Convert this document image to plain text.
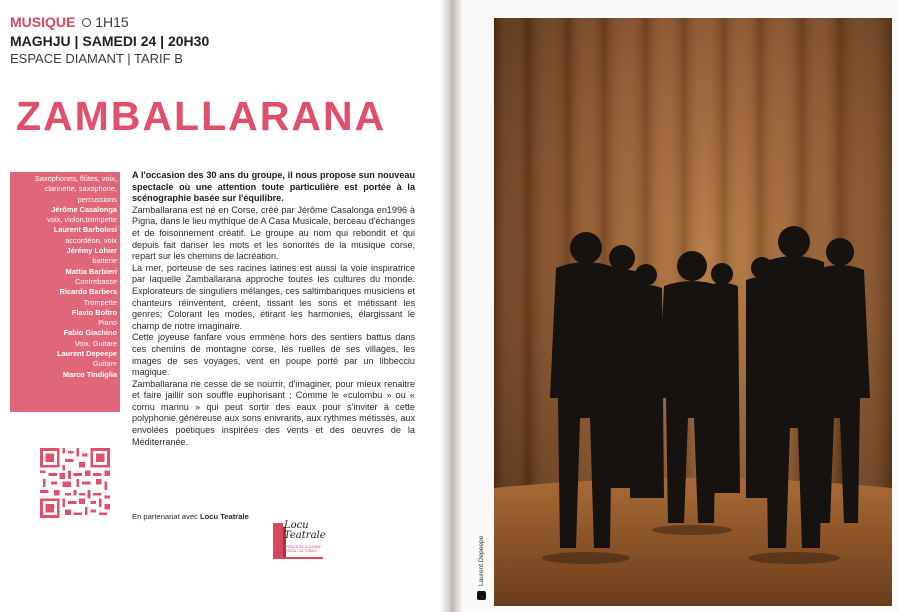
MUSIQUE 1H15
MAGHJU | SAMEDI 24 | 20H30
ESPACE DIAMANT | TARIF B
ZAMBALLARANA
Saxophones, flûtes, voix, clarinette, saxophone, percussions
Jérôme Casalonga
voix, violon,trompette
Laurent Barbolosi
accordéon, voix
Jérémy Lohier
batterie
Mattia Barbieri
Contrebasse
Ricardo Barbera
Trompette
Flavio Boltro
Piano
Fabio Giachino
Voix, Guitare
Laurent Depeepe
Guitare
Marco Tindiglia

A l'occasion des 30 ans du groupe, il nous propose sun nouveau spectacle où une attention toute particulière est portée à la scénographie basée sur l'équilibre.

Zamballarana est né en Corse, créé par Jérôme Casalonga en1996 à Pigna, dans le lieu mythique de A Casa Musicale, berceau d'échanges et de foisonnement créatif. Le groupe au nom qui rebondit et qui depuis fait danser les mots et les sonorités de la musique corse, repart sur les chemins de lacréation.

La mer, porteuse de ses racines latines est aussi la voie inspiratrice par laquelle Zamballarana approche toutes les cultures du monde. Explorateurs de singuliers mélanges, ces saltimbanques musiciens et chanteurs réinventent, créent, tissant les sons et métissant les genres; Colorant les modes, étirant les harmonies, élargissant le champ de notre imaginaire.

Cette joyeuse fanfare vous emmène hors des sentiers battus dans ces chemins de montagne corse, les ruelles de ses villages, les images de ses voyages, vent en poupe porté par un libbecciu magique.

Zamballarana ne cesse de se nourrir, d'imaginer, pour mieux renaitre et faire jaillir son souffle euphorisant ; Comme le «culombu » ou « cornu marinu » qui peut sortir des eaux pour s'inviter à cette polyphonie généreuse aux sons enivrants, aux rythmes métissés, aux envolées poétiques inspirées des vents et des oeuvres de la Méditerranée.

En partenariat avec Locu Teatrale
Locu
Teatrale
ESPACE DE CULTURE
SPAZIU CULTURALI	Laurent Depeepe
